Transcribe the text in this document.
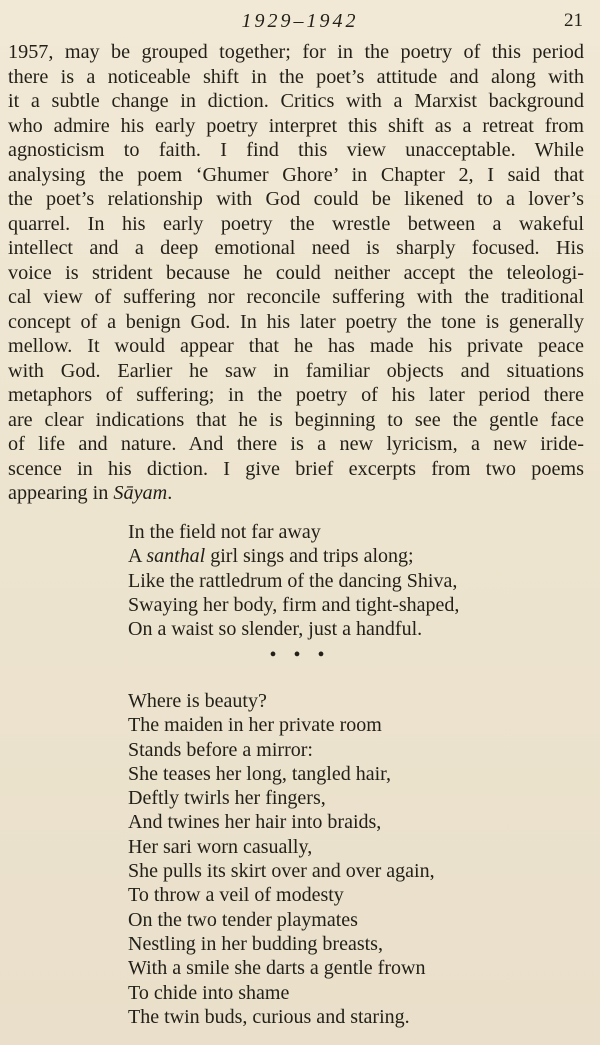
1929–1942	21
1957, may be grouped together; for in the poetry of this period
there is a noticeable shift in the poet’s attitude and along with
it a subtle change in diction. Critics with a Marxist background
who admire his early poetry interpret this shift as a retreat from
agnosticism to faith. I find this view unacceptable. While
analysing the poem ‘Ghumer Ghore’ in Chapter 2, I said that
the poet’s relationship with God could be likened to a lover’s
quarrel. In his early poetry the wrestle between a wakeful
intellect and a deep emotional need is sharply focused. His
voice is strident because he could neither accept the teleologi-
cal view of suffering nor reconcile suffering with the traditional
concept of a benign God. In his later poetry the tone is generally
mellow. It would appear that he has made his private peace
with God. Earlier he saw in familiar objects and situations
metaphors of suffering; in the poetry of his later period there
are clear indications that he is beginning to see the gentle face
of life and nature. And there is a new lyricism, a new iride-
scence in his diction. I give brief excerpts from two poems
appearing in Sāyam.
In the field not far away
A santhal girl sings and trips along;
Like the rattledrum of the dancing Shiva,
Swaying her body, firm and tight-shaped,
On a waist so slender, just a handful.
• • •
Where is beauty?
The maiden in her private room
Stands before a mirror:
She teases her long, tangled hair,
Deftly twirls her fingers,
And twines her hair into braids,
Her sari worn casually,
She pulls its skirt over and over again,
To throw a veil of modesty
On the two tender playmates
Nestling in her budding breasts,
With a smile she darts a gentle frown
To chide into shame
The twin buds, curious and staring.
